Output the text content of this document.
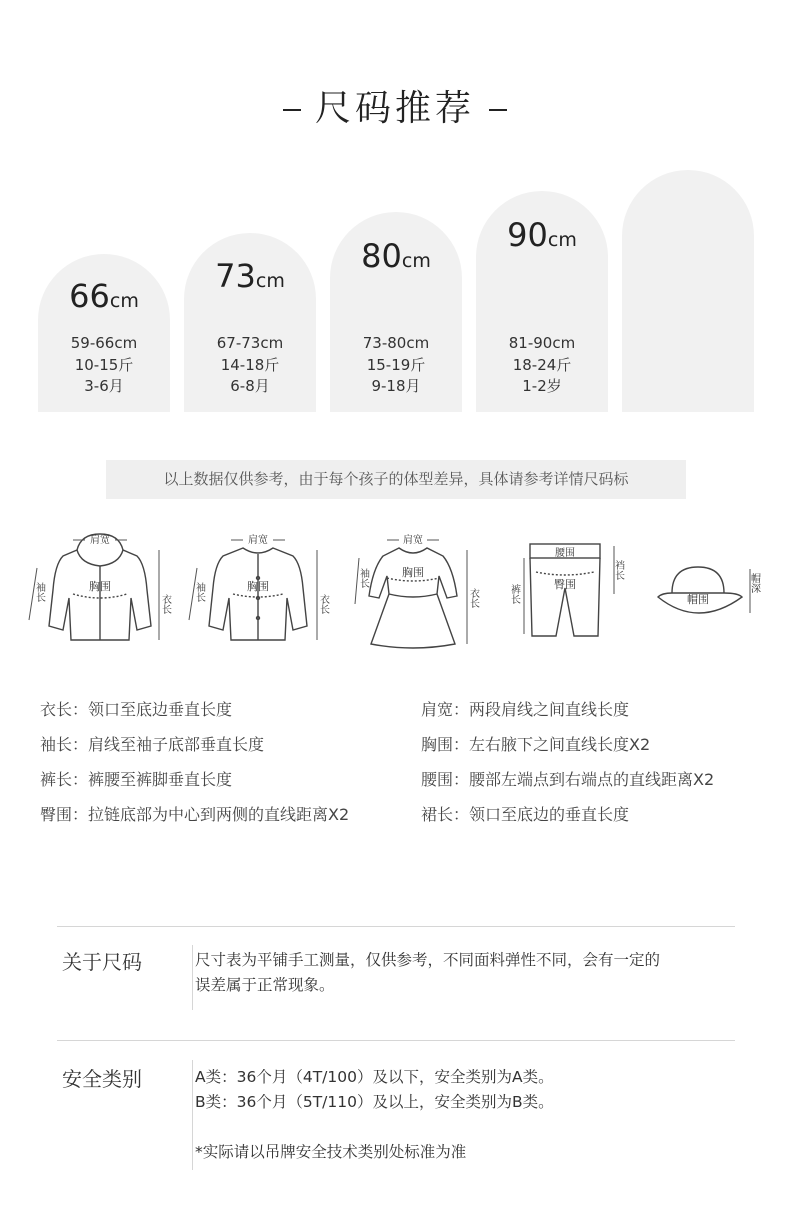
尺码推荐
66cm
73cm
80cm
90cm
59-66cm
10-15斤
3-6月
67-73cm
14-18斤
6-8月
73-80cm
15-19斤
9-18月
81-90cm
18-24斤
1-2岁
以上数据仅供参考，由于每个孩子的体型差异，具体请参考详情尺码标
肩宽
胸围
衣长
袖长
肩宽
胸围
衣长
袖长
肩宽
胸围
衣长
袖长
腰围
臀围
裤长
裆长
帽围
帽深
衣长：领口至底边垂直长度
袖长：肩线至袖子底部垂直长度
裤长：裤腰至裤脚垂直长度
臀围：拉链底部为中心到两侧的直线距离X2
肩宽：两段肩线之间直线长度
胸围：左右腋下之间直线长度X2
腰围：腰部左端点到右端点的直线距离X2
裙长：领口至底边的垂直长度
关于尺码	尺寸表为平铺手工测量，仅供参考，不同面料弹性不同，会有一定的
误差属于正常现象。
安全类别	A类：36个月（4T/100）及以下，安全类别为A类。
B类：36个月（5T/110）及以上，安全类别为B类。
*实际请以吊牌安全技术类别处标准为准
